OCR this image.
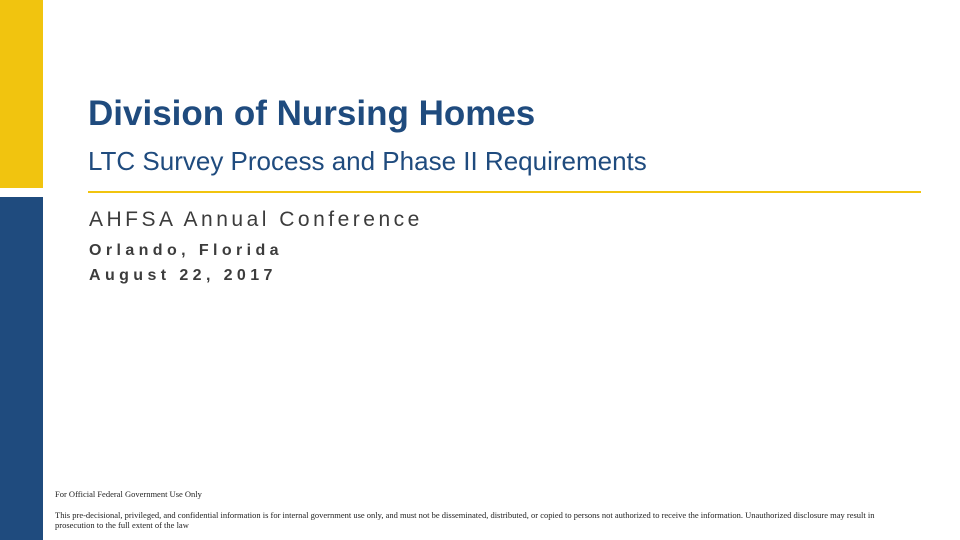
Division of Nursing Homes
LTC Survey Process and Phase II Requirements
AHFSA Annual Conference
Orlando, Florida
August 22, 2017
For Official Federal Government Use Only
This pre-decisional, privileged, and confidential information is for internal government use only, and must not be disseminated, distributed, or copied to persons not authorized to receive the information. Unauthorized disclosure may result in prosecution to the full extent of the law
